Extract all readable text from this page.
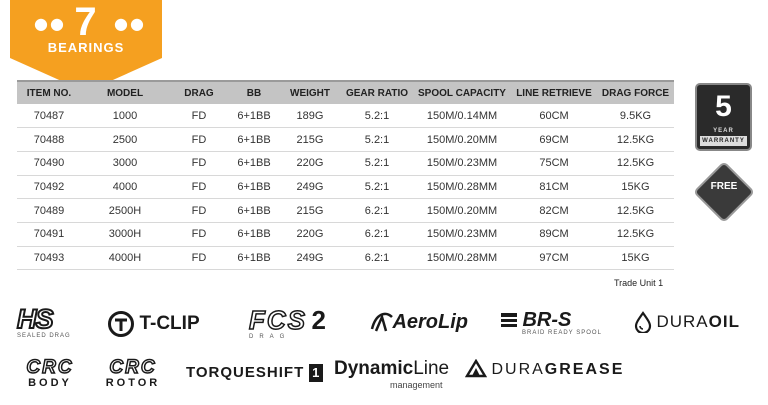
●● 7	●●
BEARINGS
ITEM NO.	MODEL	DRAG	BB	WEIGHT	GEAR RATIO	SPOOL CAPACITY	LINE RETRIEVE	DRAG FORCE
70487	1000	FD	6+1BB	189G	5.2:1	150M/0.14MM	60CM	9.5KG
70488	2500	FD	6+1BB	215G	5.2:1	150M/0.20MM	69CM	12.5KG
70490	3000	FD	6+1BB	220G	5.2:1	150M/0.23MM	75CM	12.5KG
70492	4000	FD	6+1BB	249G	5.2:1	150M/0.28MM	81CM	15KG
70489	2500H	FD	6+1BB	215G	6.2:1	150M/0.20MM	82CM	12.5KG
70491	3000H	FD	6+1BB	220G	6.2:1	150M/0.23MM	89CM	12.5KG
70493	4000H	FD	6+1BB	249G	6.2:1	150M/0.28MM	97CM	15KG
Trade Unit 1
5
YEAR
WARRANTY
FREE
HS
SEALED DRAG
T-CLIP FCS 2
DRAG
AeroLip	BR-S
BRAID READY SPOOL
DURAOIL
CRC
BODY
CRC
ROTOR
TORQUESHIFT 1 DynamicLine
management
DURAGREASE
